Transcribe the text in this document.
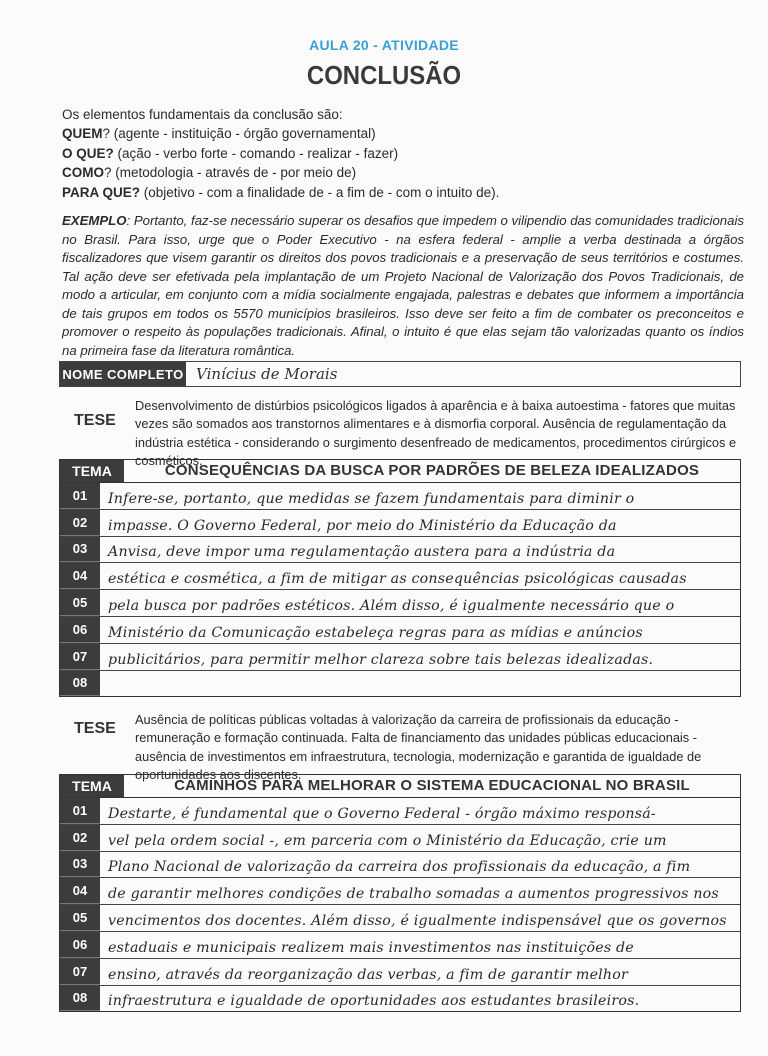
AULA 20 - ATIVIDADE
CONCLUSÃO
Os elementos fundamentais da conclusão são:
QUEM? (agente - instituição - órgão governamental)
O QUE? (ação - verbo forte - comando - realizar - fazer)
COMO? (metodologia - através de - por meio de)
PARA QUE? (objetivo - com a finalidade de - a fim de - com o intuito de).
EXEMPLO: Portanto, faz-se necessário superar os desafios que impedem o vilipendio das comunidades tradicionais no Brasil. Para isso, urge que o Poder Executivo - na esfera federal - amplie a verba destinada a órgãos fiscalizadores que visem garantir os direitos dos povos tradicionais e a preservação de seus territórios e costumes. Tal ação deve ser efetivada pela implantação de um Projeto Nacional de Valorização dos Povos Tradicionais, de modo a articular, em conjunto com a mídia socialmente engajada, palestras e debates que informem a importância de tais grupos em todos os 5570 municípios brasileiros. Isso deve ser feito a fim de combater os preconceitos e promover o respeito às populações tradicionais. Afinal, o intuito é que elas sejam tão valorizadas quanto os índios na primeira fase da literatura romântica.
NOME COMPLETO Vinícius de Morais
TESE
Desenvolvimento de distúrbios psicológicos ligados à aparência e à baixa autoestima - fatores que muitas vezes são somados aos transtornos alimentares e à dismorfia corporal. Ausência de regulamentação da indústria estética - considerando o surgimento desenfreado de medicamentos, procedimentos cirúrgicos e cosméticos.
TEMA	CONSEQUÊNCIAS DA BUSCA POR PADRÕES DE BELEZA IDEALIZADOS
01	Infere-se, portanto, que medidas se fazem fundamentais para diminir o
02	impasse. O Governo Federal, por meio do Ministério da Educação da
03	Anvisa, deve impor uma regulamentação austera para a indústria da
04	estética e cosmética, a fim de mitigar as consequências psicológicas causadas
05	pela busca por padrões estéticos. Além disso, é igualmente necessário que o
06	Ministério da Comunicação estabeleça regras para as mídias e anúncios
07	publicitários, para permitir melhor clareza sobre tais belezas idealizadas.
08
TESE
Ausência de políticas públicas voltadas à valorização da carreira de profissionais da educação - remuneração e formação continuada. Falta de financiamento das unidades públicas educacionais - ausência de investimentos em infraestrutura, tecnologia, modernização e garantida de igualdade de oportunidades aos discentes.
TEMA	CAMINHOS PARA MELHORAR O SISTEMA EDUCACIONAL NO BRASIL
01	Destarte, é fundamental que o Governo Federal - órgão máximo responsá-
02	vel pela ordem social -, em parceria com o Ministério da Educação, crie um
03	Plano Nacional de valorização da carreira dos profissionais da educação, a fim
04	de garantir melhores condições de trabalho somadas a aumentos progressivos nos
05	vencimentos dos docentes. Além disso, é igualmente indispensável que os governos
06	estaduais e municipais realizem mais investimentos nas instituições de
07	ensino, através da reorganização das verbas, a fim de garantir melhor
08	infraestrutura e igualdade de oportunidades aos estudantes brasileiros.
